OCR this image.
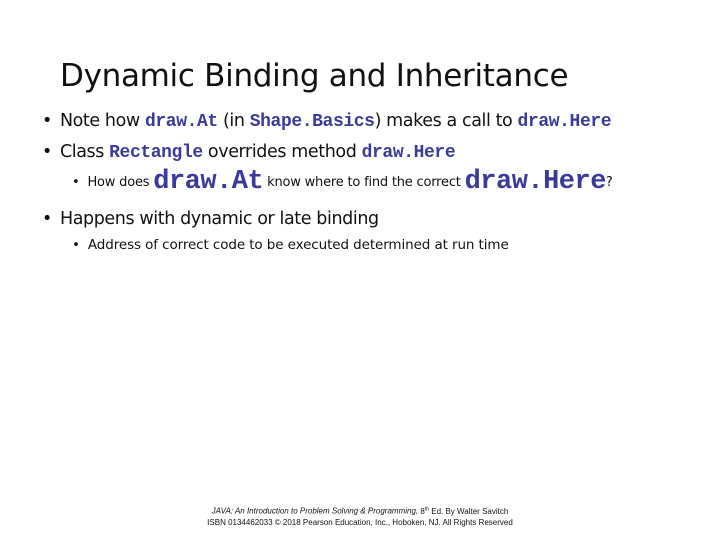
Dynamic Binding and Inheritance
• Note how draw.At (in Shape.Basics) makes a call to draw.Here
• Class Rectangle overrides method draw.Here
• How does draw.At know where to find the correct draw.Here?
• Happens with dynamic or late binding
• Address of correct code to be executed determined at run time
JAVA: An Introduction to Problem Solving & Programming, 8th Ed. By Walter Savitch
ISBN 0134462033 © 2018 Pearson Education, Inc., Hoboken, NJ. All Rights Reserved
